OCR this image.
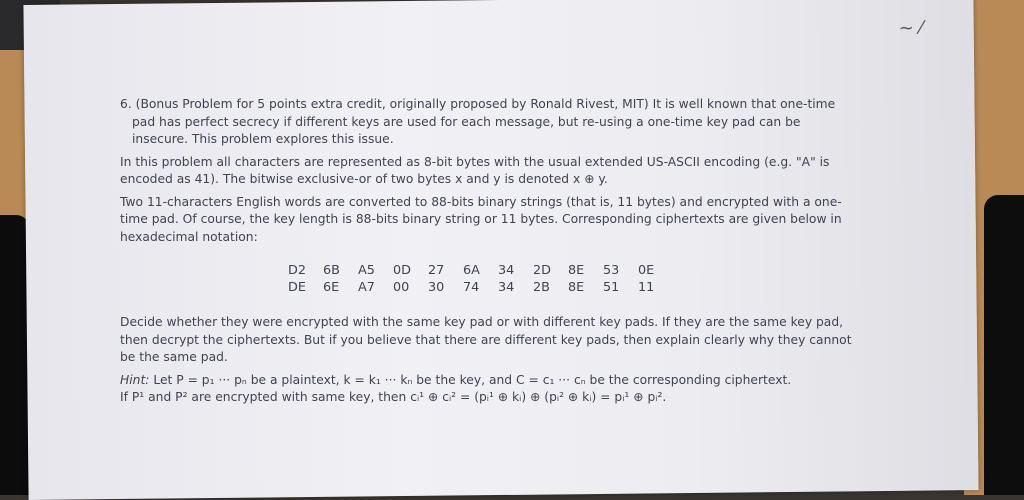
~ ⁄

6. (Bonus Problem for 5 points extra credit, originally proposed by Ronald Rivest, MIT) It is well known that one-time pad has perfect secrecy if different keys are used for each message, but re-using a one-time key pad can be insecure. This problem explores this issue.

In this problem all characters are represented as 8-bit bytes with the usual extended US-ASCII encoding (e.g. "A" is encoded as 41). The bitwise exclusive-or of two bytes x and y is denoted x ⊕ y.

Two 11-characters English words are converted to 88-bits binary strings (that is, 11 bytes) and encrypted with a one-time pad. Of course, the key length is 88-bits binary string or 11 bytes. Corresponding ciphertexts are given below in hexadecimal notation:

D2	6B	A5	0D	27	6A	34	2D	8E	53	0E
DE	6E	A7	00	30	74	34	2B	8E	51	11

Decide whether they were encrypted with the same key pad or with different key pads. If they are the same key pad, then decrypt the ciphertexts. But if you believe that there are different key pads, then explain clearly why they cannot be the same pad.

Hint: Let P = p₁ ··· pₙ be a plaintext, k = k₁ ··· kₙ be the key, and C = c₁ ··· cₙ be the corresponding ciphertext.

If P¹ and P² are encrypted with same key, then cᵢ¹ ⊕ cᵢ² = (pᵢ¹ ⊕ kᵢ) ⊕ (pᵢ² ⊕ kᵢ) = pᵢ¹ ⊕ pᵢ².
